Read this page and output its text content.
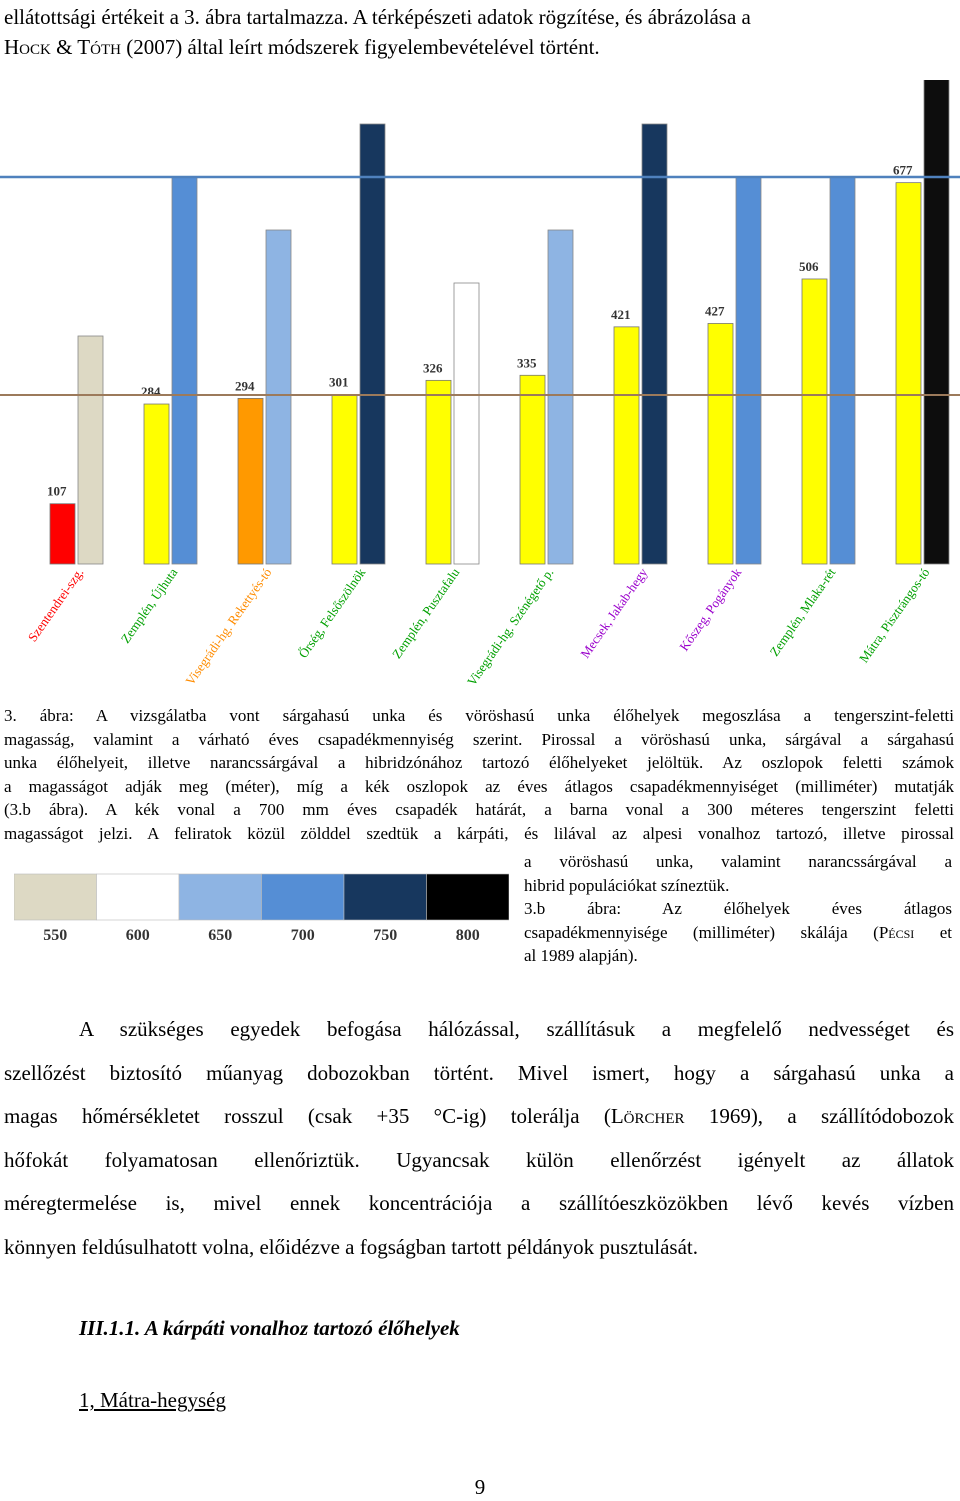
ellátottsági értékeit a 3. ábra tartalmazza. A térképészeti adatok rögzítése, és ábrázolása a
Hock & Tóth (2007) által leírt módszerek figyelembevételével történt.

107
Szentendrei-szg.
284
Zemplén, Újhuta
294
Visegrádi-hg. Rekettyés-tó
301
Őrség, Felsőszölnök
326
Zemplén, Pusztafalu
335
Visegrádi-hg. Szénégető p.
421
Mecsek, Jakab-hegy
427
Kőszeg, Pogányok
506
Zemplén, Mlaka-rét
677
Mátra, Pisztrángos-tó
3. ábra: A vizsgálatba vont sárgahasú unka és vöröshasú unka élőhelyek megoszlása a tengerszint-feletti
magasság, valamint a várható éves csapadékmennyiség szerint. Pirossal a vöröshasú unka, sárgával a sárgahasú
unka élőhelyeit, illetve narancssárgával a hibridzónához tartozó élőhelyeket jelöltük. Az oszlopok feletti számok
a magasságot adják meg (méter), míg a kék oszlopok az éves átlagos csapadékmennyiséget (milliméter) mutatják
(3.b ábra). A kék vonal a 700 mm éves csapadék határát, a barna vonal a 300 méteres tengerszint feletti
magasságot jelzi. A feliratok közül zölddel szedtük a kárpáti, és lilával az alpesi vonalhoz tartozó, illetve pirossal
550	600	650	700	750	800
a vöröshasú unka, valamint narancssárgával a
hibrid populációkat színeztük.
3.b ábra: Az élőhelyek éves átlagos
csapadékmennyisége (milliméter) skálája (Pécsi et
al 1989 alapján).
A szükséges egyedek befogása hálózással, szállításuk a megfelelő nedvességet és
szellőzést biztosító műanyag dobozokban történt. Mivel ismert, hogy a sárgahasú unka a
magas hőmérsékletet rosszul (csak +35 °C-ig) tolerálja (Lörcher 1969), a szállítódobozok
hőfokát folyamatosan ellenőriztük. Ugyancsak külön ellenőrzést igényelt az állatok
méregtermelése is, mivel ennek koncentrációja a szállítóeszközökben lévő kevés vízben
könnyen feldúsulhatott volna, előidézve a fogságban tartott példányok pusztulását.

III.1.1. A kárpáti vonalhoz tartozó élőhelyek

1, Mátra-hegység

9
